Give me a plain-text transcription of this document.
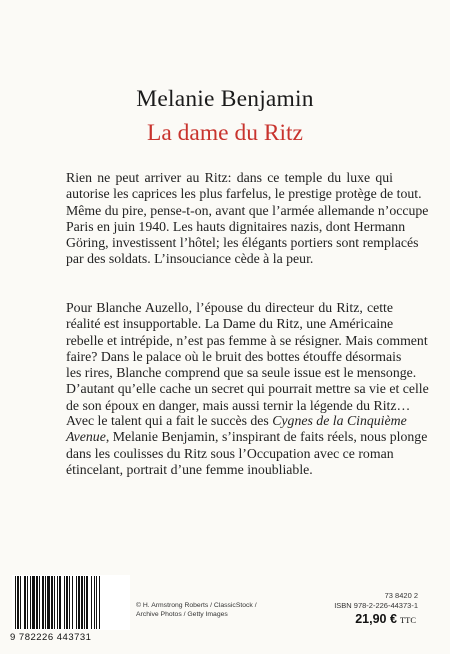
Melanie Benjamin
La dame du Ritz
Rien ne peut arriver au Ritz: dans ce temple du luxe qui
autorise les caprices les plus farfelus, le prestige protège de tout.
Même du pire, pense-t-on, avant que l’armée allemande n’occupe
Paris en juin 1940. Les hauts dignitaires nazis, dont Hermann
Göring, investissent l’hôtel; les élégants portiers sont remplacés
par des soldats. L’insouciance cède à la peur.
Pour Blanche Auzello, l’épouse du directeur du Ritz, cette
réalité est insupportable. La Dame du Ritz, une Américaine
rebelle et intrépide, n’est pas femme à se résigner. Mais comment
faire? Dans le palace où le bruit des bottes étouffe désormais
les rires, Blanche comprend que sa seule issue est le mensonge.
D’autant qu’elle cache un secret qui pourrait mettre sa vie et celle
de son époux en danger, mais aussi ternir la légende du Ritz…
Avec le talent qui a fait le succès des Cygnes de la Cinquième
Avenue, Melanie Benjamin, s’inspirant de faits réels, nous plonge
dans les coulisses du Ritz sous l’Occupation avec ce roman
étincelant, portrait d’une femme inoubliable.
9 782226 443731
© H. Armstrong Roberts / ClassicStock /
Archive Photos / Getty Images
73 8420 2
ISBN 978-2-226-44373-1
21,90 € TTC
